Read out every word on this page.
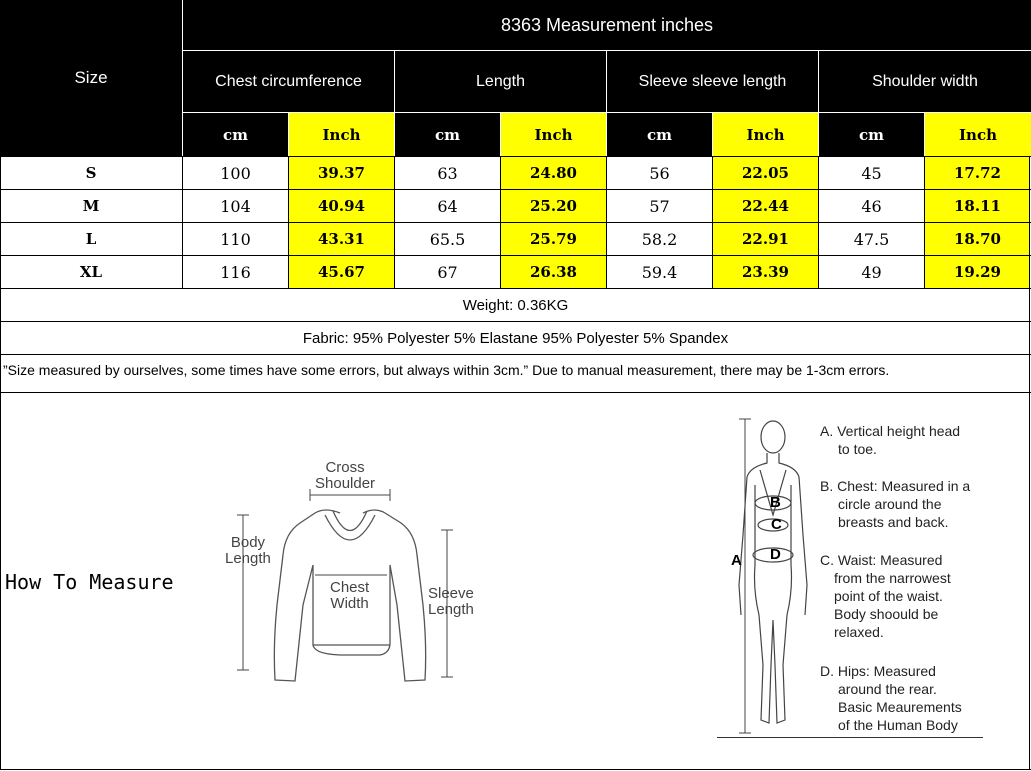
Size
8363 Measurement inches
Chest circumference	Length	Sleeve sleeve length	Shoulder width
cm	Inch	cm	Inch	cm	Inch	cm	Inch
S	100	39.37	63	24.80	56	22.05	45	17.72
M	104	40.94	64	25.20	57	22.44	46	18.11
L	110	43.31	65.5	25.79	58.2	22.91	47.5	18.70
XL	116	45.67	67	26.38	59.4	23.39	49	19.29
Weight: 0.36KG
Fabric: 95% Polyester 5% Elastane 95% Polyester 5% Spandex
”Size measured by ourselves, some times have some errors, but always within 3cm.” Due to manual measurement, there may be 1-3cm errors.
How To Measure
Cross
Shoulder
Body
Length
Chest
Width
Sleeve
Length
A
B
C
D
A. Vertical height head
to toe.
B. Chest: Measured in a
circle around the
breasts and back.
C. Waist: Measured
from the narrowest
point of the waist.
Body shoould be
relaxed.
D. Hips: Measured
around the rear.
Basic Meaurements
of the Human Body
